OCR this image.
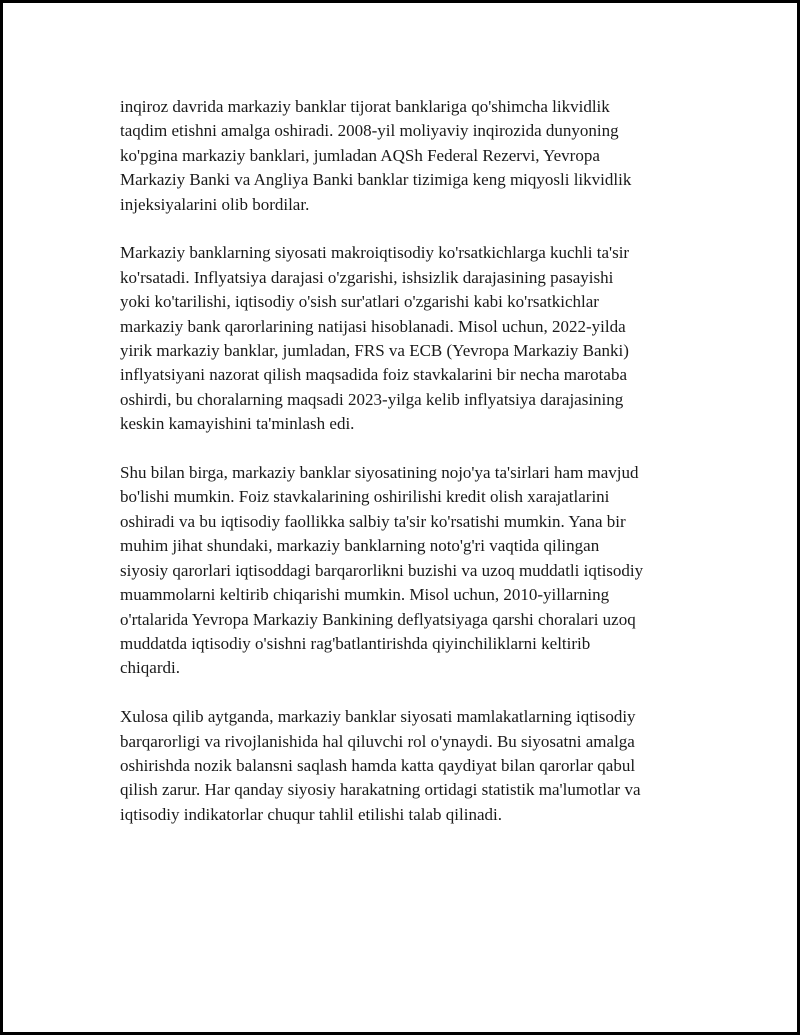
inqiroz davrida markaziy banklar tijorat banklariga qo'shimcha likvidlik
taqdim etishni amalga oshiradi. 2008-yil moliyaviy inqirozida dunyoning
ko'pgina markaziy banklari, jumladan AQSh Federal Rezervi, Yevropa
Markaziy Banki va Angliya Banki banklar tizimiga keng miqyosli likvidlik
injeksiyalarini olib bordilar.

Markaziy banklarning siyosati makroiqtisodiy ko'rsatkichlarga kuchli ta'sir
ko'rsatadi. Inflyatsiya darajasi o'zgarishi, ishsizlik darajasining pasayishi
yoki ko'tarilishi, iqtisodiy o'sish sur'atlari o'zgarishi kabi ko'rsatkichlar
markaziy bank qarorlarining natijasi hisoblanadi. Misol uchun, 2022-yilda
yirik markaziy banklar, jumladan, FRS va ECB (Yevropa Markaziy Banki)
inflyatsiyani nazorat qilish maqsadida foiz stavkalarini bir necha marotaba
oshirdi, bu choralarning maqsadi 2023-yilga kelib inflyatsiya darajasining
keskin kamayishini ta'minlash edi.

Shu bilan birga, markaziy banklar siyosatining nojo'ya ta'sirlari ham mavjud
bo'lishi mumkin. Foiz stavkalarining oshirilishi kredit olish xarajatlarini
oshiradi va bu iqtisodiy faollikka salbiy ta'sir ko'rsatishi mumkin. Yana bir
muhim jihat shundaki, markaziy banklarning noto'g'ri vaqtida qilingan
siyosiy qarorlari iqtisoddagi barqarorlikni buzishi va uzoq muddatli iqtisodiy
muammolarni keltirib chiqarishi mumkin. Misol uchun, 2010-yillarning
o'rtalarida Yevropa Markaziy Bankining deflyatsiyaga qarshi choralari uzoq
muddatda iqtisodiy o'sishni rag'batlantirishda qiyinchiliklarni keltirib
chiqardi.

Xulosa qilib aytganda, markaziy banklar siyosati mamlakatlarning iqtisodiy
barqarorligi va rivojlanishida hal qiluvchi rol o'ynaydi. Bu siyosatni amalga
oshirishda nozik balansni saqlash hamda katta qaydiyat bilan qarorlar qabul
qilish zarur. Har qanday siyosiy harakatning ortidagi statistik ma'lumotlar va
iqtisodiy indikatorlar chuqur tahlil etilishi talab qilinadi.
